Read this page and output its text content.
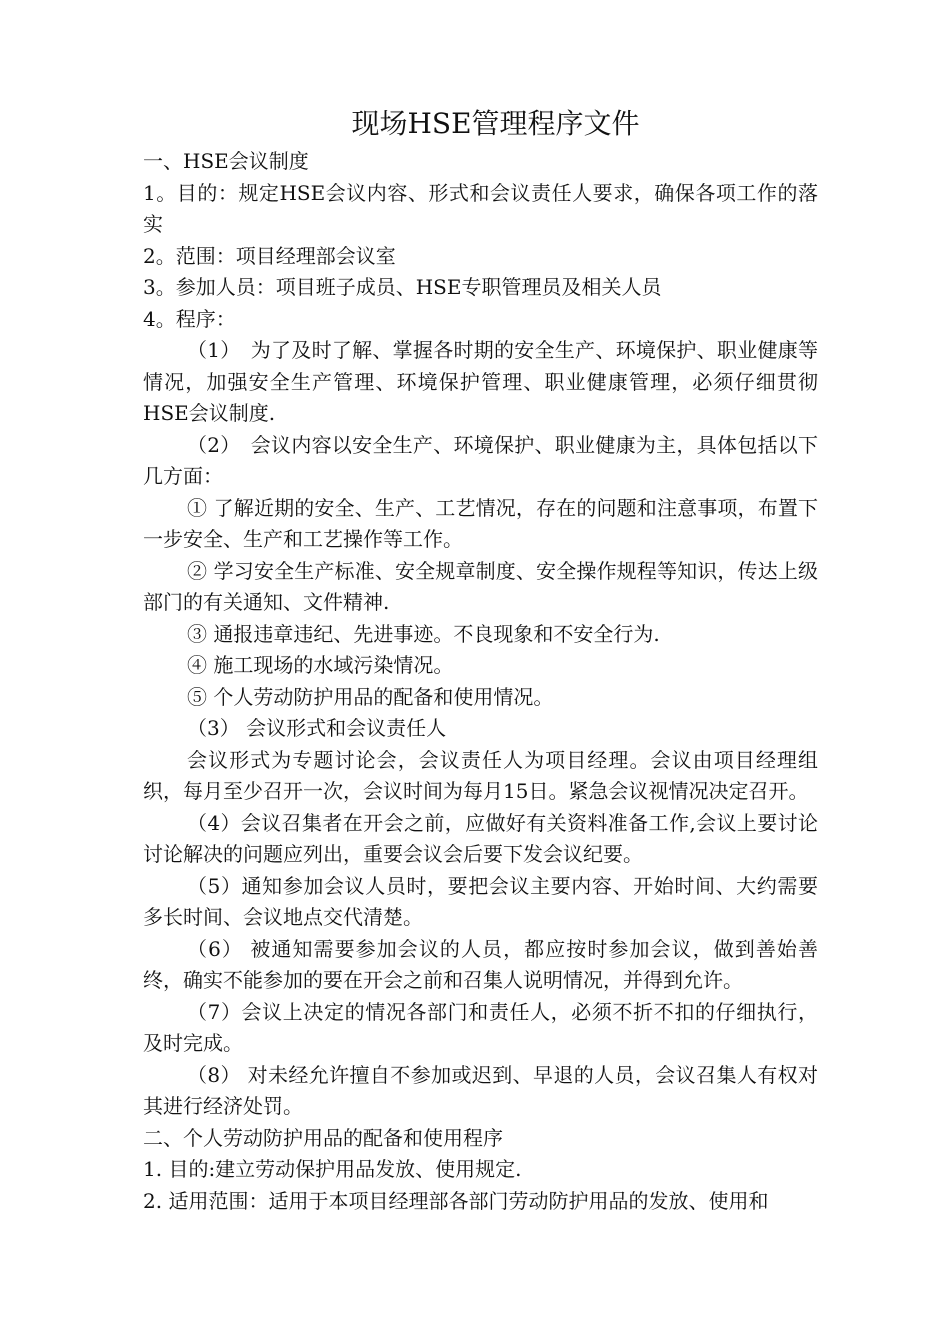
现场HSE管理程序文件

一、HSE会议制度

1。目的：规定HSE会议内容、形式和会议责任人要求，确保各项工作的落实

2。范围：项目经理部会议室

3。参加人员：项目班子成员、HSE专职管理员及相关人员

4。程序：

（1）　为了及时了解、掌握各时期的安全生产、环境保护、职业健康等情况，加强安全生产管理、环境保护管理、职业健康管理，必须仔细贯彻HSE会议制度.

（2）　会议内容以安全生产、环境保护、职业健康为主，具体包括以下几方面：

① 了解近期的安全、生产、工艺情况，存在的问题和注意事项，布置下一步安全、生产和工艺操作等工作。

② 学习安全生产标准、安全规章制度、安全操作规程等知识，传达上级部门的有关通知、文件精神.

③ 通报违章违纪、先进事迹。不良现象和不安全行为.

④ 施工现场的水域污染情况。

⑤ 个人劳动防护用品的配备和使用情况。

（3） 会议形式和会议责任人

会议形式为专题讨论会，会议责任人为项目经理。会议由项目经理组织，每月至少召开一次，会议时间为每月15日。紧急会议视情况决定召开。

（4）会议召集者在开会之前，应做好有关资料准备工作,会议上要讨论讨论解决的问题应列出，重要会议会后要下发会议纪要。

（5）通知参加会议人员时，要把会议主要内容、开始时间、大约需要多长时间、会议地点交代清楚。

（6） 被通知需要参加会议的人员，都应按时参加会议，做到善始善终，确实不能参加的要在开会之前和召集人说明情况，并得到允许。

（7）会议上决定的情况各部门和责任人，必须不折不扣的仔细执行，及时完成。

（8） 对未经允许擅自不参加或迟到、早退的人员，会议召集人有权对其进行经济处罚。

二、个人劳动防护用品的配备和使用程序

1. 目的:建立劳动保护用品发放、使用规定.

2. 适用范围：适用于本项目经理部各部门劳动防护用品的发放、使用和
